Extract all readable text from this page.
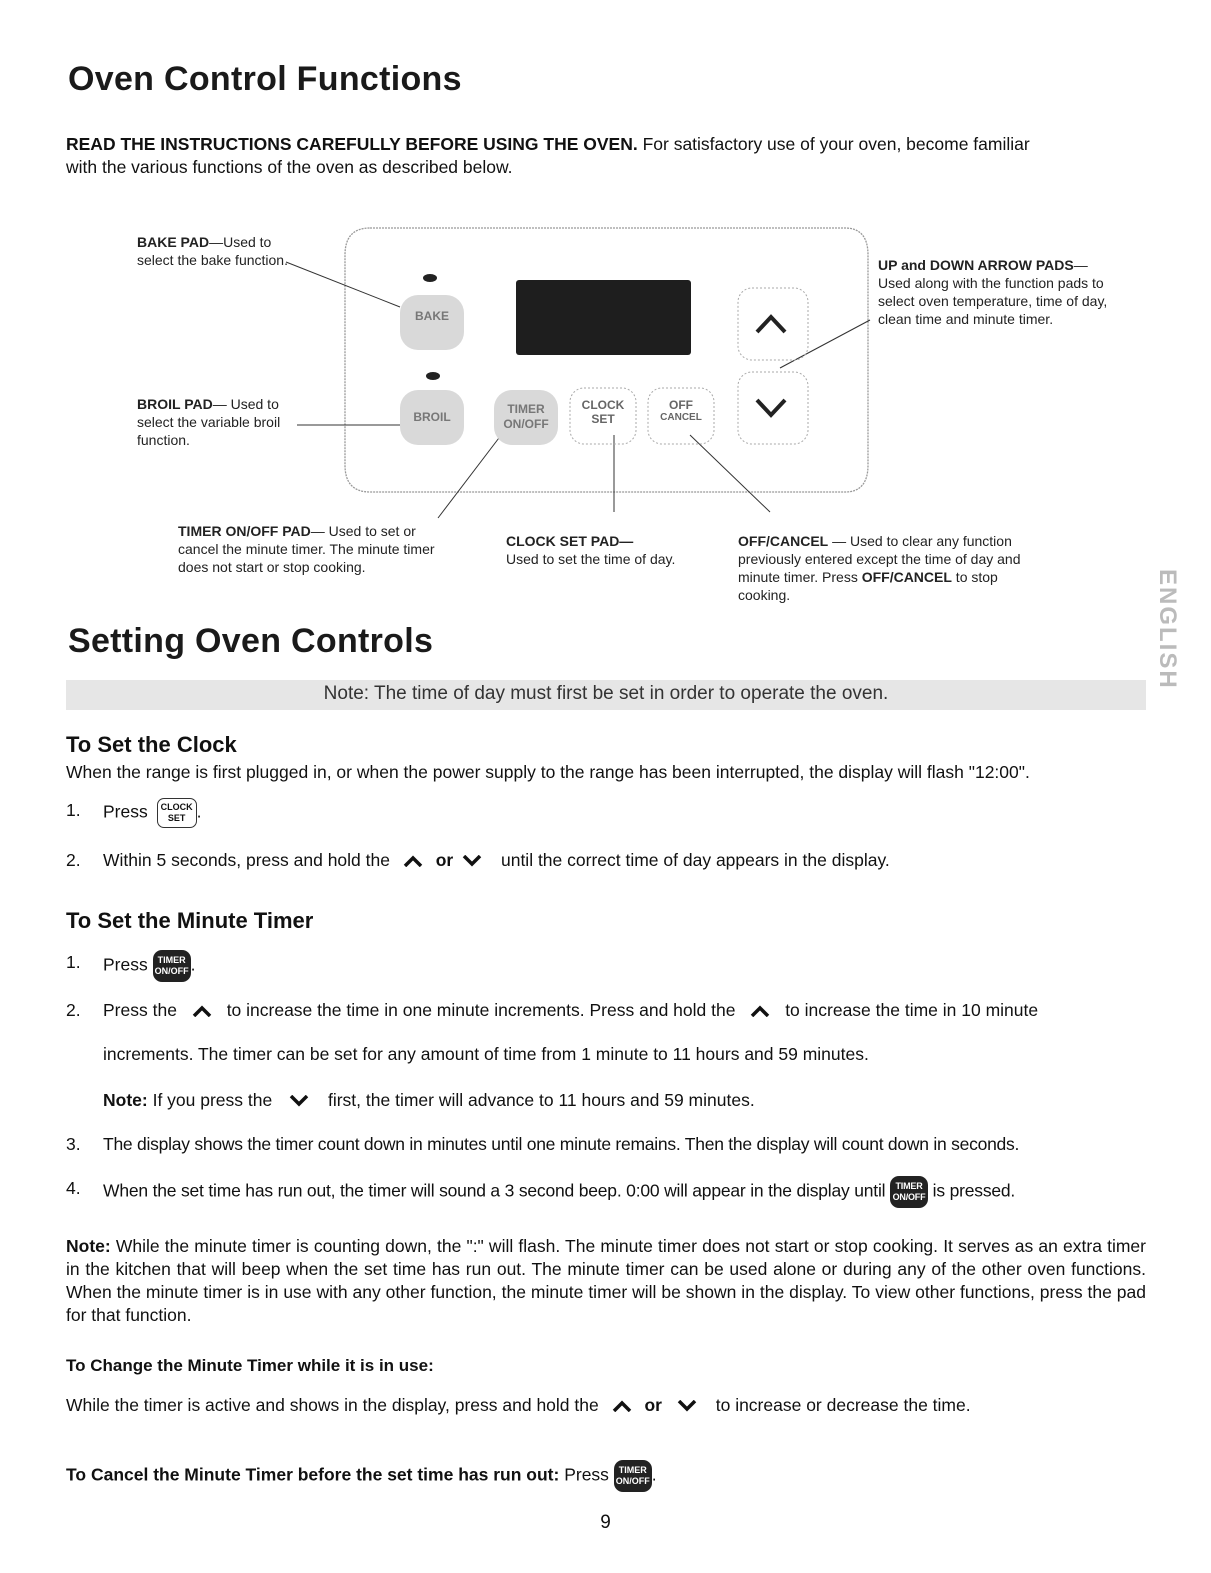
Oven Control Functions
READ THE INSTRUCTIONS CAREFULLY BEFORE USING THE OVEN. For satisfactory use of your oven, become familiar
with the various functions of the oven as described below.
BAKE
BROIL
TIMER
ON/OFF
CLOCK
SET
OFF
CANCEL
BAKE PAD—Used to select the bake function.
BROIL PAD— Used to select the variable broil function.
UP and DOWN ARROW PADS— Used along with the function pads to select oven temperature, time of day, clean time and minute timer.
TIMER ON/OFF PAD— Used to set or cancel the minute timer. The minute timer does not start or stop cooking.
CLOCK SET PAD—
Used to set the time of day.
OFF/CANCEL — Used to clear any function previously entered except the time of day and minute timer. Press OFF/CANCEL to stop cooking.	ENGLISH
Setting Oven Controls
Note: The time of day must first be set in order to operate the oven.
To Set the Clock
When the range is first plugged in, or when the power supply to the range has been interrupted, the display will flash "12:00".
1. Press	CLOCK
SET .
2. Within 5 seconds, press and hold the	or	until the correct time of day appears in the display.
To Set the Minute Timer
1. Press	TIMER
ON/OFF .
2. Press the	to increase the time in one minute increments. Press and hold the	to increase the time in 10 minute
increments. The timer can be set for any amount of time from 1 minute to 11 hours and 59 minutes.
Note: If you press the	first, the timer will advance to 11 hours and 59 minutes.
3. The display shows the timer count down in minutes until one minute remains. Then the display will count down in seconds.
4. When the set time has run out, the timer will sound a 3 second beep. 0:00 will appear in the display until	TIMER
ON/OFF is pressed.
Note: While the minute timer is counting down, the ":" will flash. The minute timer does not start or stop cooking. It serves as an extra timer in the kitchen that will beep when the set time has run out. The minute timer can be used alone or during any of the other oven functions. When the minute timer is in use with any other function, the minute timer will be shown in the display. To view other functions, press the pad for that function.
To Change the Minute Timer while it is in use:
While the timer is active and shows in the display, press and hold the	or	to increase or decrease the time.
To Cancel the Minute Timer before the set time has run out: Press	TIMER
ON/OFF .
9
